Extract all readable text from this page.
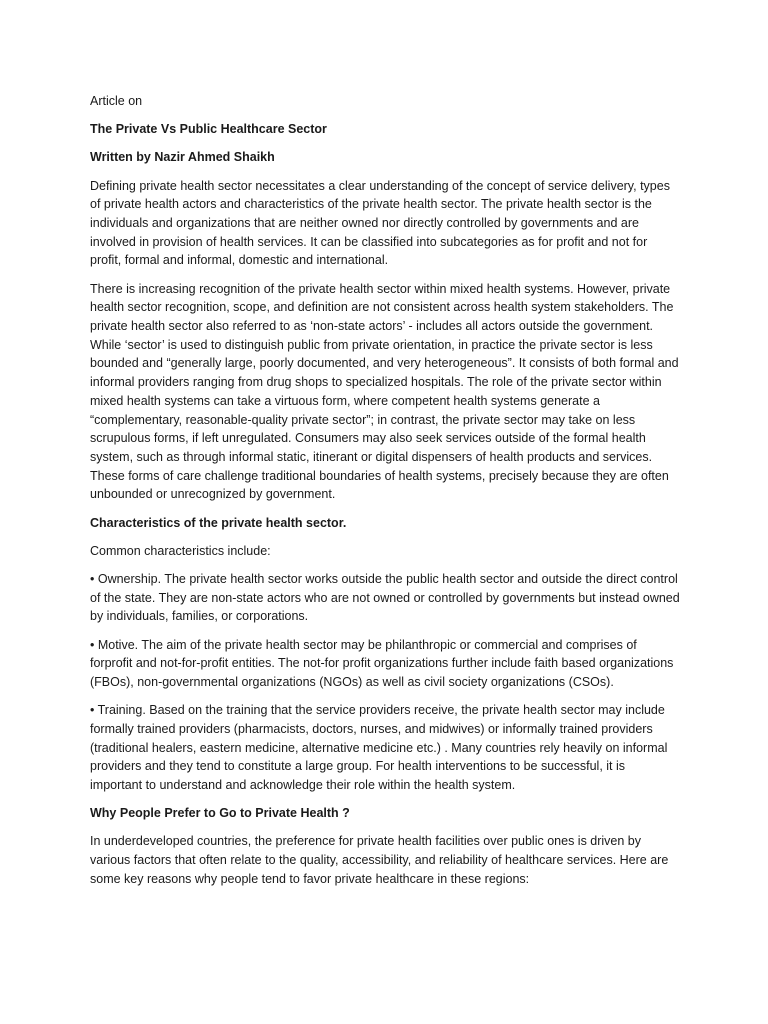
Article on

The Private Vs Public Healthcare Sector

Written by Nazir Ahmed Shaikh

Defining private health sector necessitates a clear understanding of the concept of service delivery, types of private health actors and characteristics of the private health sector. The private health sector is the individuals and organizations that are neither owned nor directly controlled by governments and are involved in provision of health services. It can be classified into subcategories as for profit and not for profit, formal and informal, domestic and international.

There is increasing recognition of the private health sector within mixed health systems. However, private health sector recognition, scope, and definition are not consistent across health system stakeholders. The private health sector also referred to as ‘non-state actors’ - includes all actors outside the government. While ‘sector’ is used to distinguish public from private orientation, in practice the private sector is less bounded and “generally large, poorly documented, and very heterogeneous”. It consists of both formal and informal providers ranging from drug shops to specialized hospitals. The role of the private sector within mixed health systems can take a virtuous form, where competent health systems generate a “complementary, reasonable-quality private sector”; in contrast, the private sector may take on less scrupulous forms, if left unregulated. Consumers may also seek services outside of the formal health system, such as through informal static, itinerant or digital dispensers of health products and services. These forms of care challenge traditional boundaries of health systems, precisely because they are often unbounded or unrecognized by government.

Characteristics of the private health sector.

Common characteristics include:

• Ownership. The private health sector works outside the public health sector and outside the direct control of the state. They are non-state actors who are not owned or controlled by governments but instead owned by individuals, families, or corporations.

• Motive. The aim of the private health sector may be philanthropic or commercial and comprises of forprofit and not-for-profit entities. The not-for profit organizations further include faith based organizations (FBOs), non-governmental organizations (NGOs) as well as civil society organizations (CSOs).

• Training. Based on the training that the service providers receive, the private health sector may include formally trained providers (pharmacists, doctors, nurses, and midwives) or informally trained providers (traditional healers, eastern medicine, alternative medicine etc.) . Many countries rely heavily on informal providers and they tend to constitute a large group. For health interventions to be successful, it is important to understand and acknowledge their role within the health system.

Why People Prefer to Go to Private Health ?

In underdeveloped countries, the preference for private health facilities over public ones is driven by various factors that often relate to the quality, accessibility, and reliability of healthcare services. Here are some key reasons why people tend to favor private healthcare in these regions:
